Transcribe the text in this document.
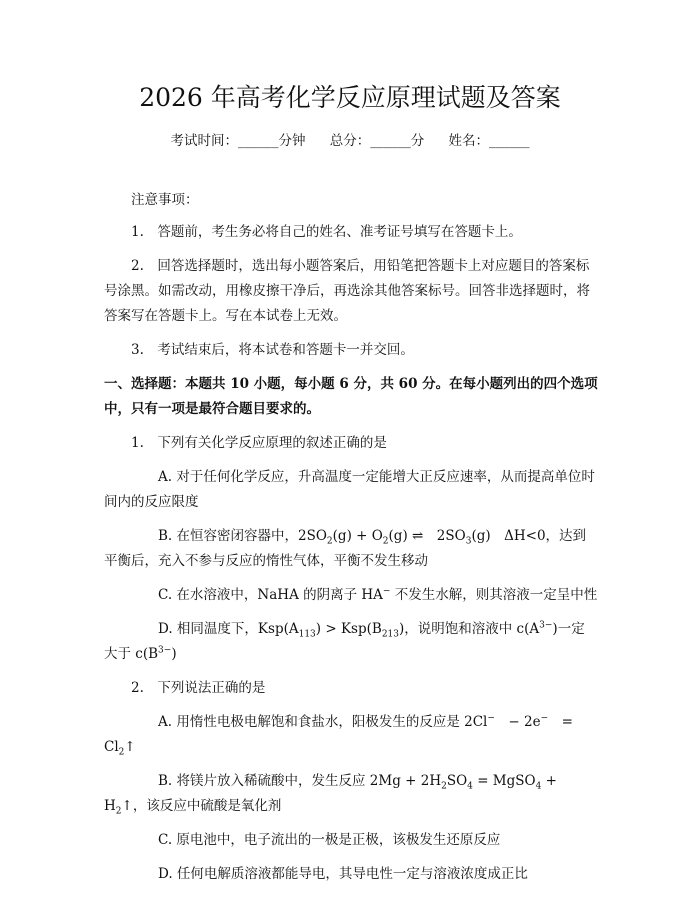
2026 年高考化学反应原理试题及答案
考试时间：______分钟 总分：______分 姓名：______

注意事项：

1.　答题前，考生务必将自己的姓名、准考证号填写在答题卡上。

2.　回答选择题时，选出每小题答案后，用铅笔把答题卡上对应题目的答案标号涂黑。如需改动，用橡皮擦干净后，再选涂其他答案标号。回答非选择题时，将答案写在答题卡上。写在本试卷上无效。

3.　考试结束后，将本试卷和答题卡一并交回。

一、选择题：本题共 10 小题，每小题 6 分，共 60 分。在每小题列出的四个选项中，只有一项是最符合题目要求的。

1.　下列有关化学反应原理的叙述正确的是

A. 对于任何化学反应，升高温度一定能增大正反应速率，从而提高单位时间内的反应限度

B. 在恒容密闭容器中，$2SO_2(g) + O_2(g)$ ⇌　$2SO_3(g)$　ΔH<0，达到平衡后，充入不参与反应的惰性气体，平衡不发生移动

C. 在水溶液中，NaHA 的阴离子 HA− 不发生水解，则其溶液一定呈中性

D. 相同温度下，$Ksp(A_{113}) > Ksp(B_{213})$，说明饱和溶液中 $c(A^{3-})$一定大于 $c(B^{3-})$

2.　下列说法正确的是

A. 用惰性电极电解饱和食盐水，阳极发生的反应是 2Cl−　− 2e−　=　$Cl_2↑$

B. 将镁片放入稀硫酸中，发生反应 $2Mg + 2H_2SO_4$ = MgSO$_4$ + $H_2↑$，该反应中硫酸是氧化剂

C. 原电池中，电子流出的一极是正极，该极发生还原反应

D. 任何电解质溶液都能导电，其导电性一定与溶液浓度成正比
